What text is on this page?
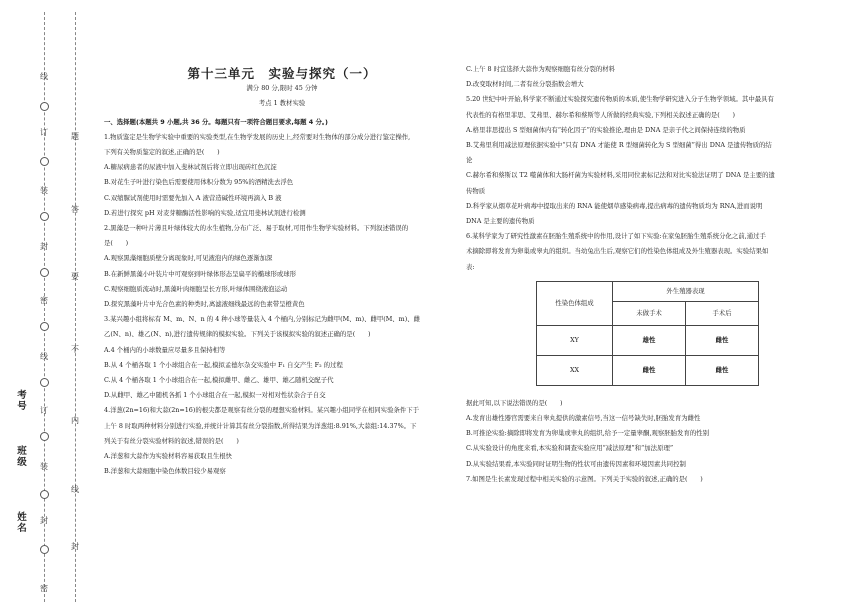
线
订
装
封
密
线
订
装
封
密
题
答
要
不
内
线
封
考号
班级
姓名
第十三单元　实验与探究（一）
满分 80 分,限时 45 分钟
考点 1 教材实验

一、选择题(本题共 9 小题,共 36 分。每题只有一项符合题目要求,每题 4 分。)

1.物质鉴定是生物学实验中重要的实验类型,在生物学发展的历史上,经常要对生物体的部分成分进行鉴定操作,

下列有关物质鉴定的叙述,正确的是(　　)

A.糖尿病患者的尿液中加入斐林试剂后将立即出现砖红色沉淀

B.对花生子叶进行染色后需要使用体积分数为 95%的酒精洗去浮色

C.双缩脲试剂使用时需要先加入 A 液营造碱性环境再滴入 B 液

D.若进行探究 pH 对麦芽糖酶活性影响的实验,适宜用斐林试剂进行检测

2.黑藻是一种叶片薄且叶绿体较大的水生植物,分布广泛、易于取材,可用作生物学实验材料。下列叙述错误的

是(　　)

A.观察黑藻细胞质壁分离现象时,可见液泡内的绿色逐渐加深

B.在新鲜黑藻小叶装片中可观察到叶绿体形态呈扁平的椭球形或球形

C.观察细胞质流动时,黑藻叶肉细胞呈长方形,叶绿体围绕液泡运动

D.探究黑藻叶片中光合色素的种类时,离滤液细线最远的色素带呈橙黄色

3.某兴趣小组将标有 M、m、N、n 的 4 种小球等量装入 4 个桶内,分别标记为雌甲(M、m)、雌甲(M、m)、雌

乙(N、n)、雄乙(N、n),进行遗传规律的模拟实验。下列关于该模拟实验的叙述正确的是(　　)

A.4 个桶内的小球数量应尽量多且保持相等

B.从 4 个桶各取 1 个小球组合在一起,模拟孟德尔杂交实验中 F₁ 自交产生 F₂ 的过程

C.从 4 个桶各取 1 个小球组合在一起,模拟雌甲、雌乙、雄甲、雄乙随机交配子代

D.从雌甲、雄乙中随机各抓 1 个小球组合在一起,模拟一对相对性状杂合子自交

4.洋葱(2n=16)和大蒜(2n=16)的根尖都是观察有丝分裂的理想实验材料。某兴趣小组同学在相同实验条件下于

上午 8 时取两种材料分别进行实验,并统计计算其有丝分裂指数,所得结果为洋葱组:8.91%,大蒜组:14.37%。下

列关于有丝分裂实验材料的叙述,错误的是(　　)

A.洋葱和大蒜作为实验材料容易获取且生根快

B.洋葱和大蒜细胞中染色体数目较少易观察

C.上午 8 时宜选择大蒜作为观察细胞有丝分裂的材料

D.改变取材时间,二者有丝分裂指数会增大

5.20 世纪中叶开始,科学家不断通过实验探究遗传物质的本质,使生物学研究进入分子生物学领域。其中最具有

代表性的有格里菲思、艾弗里、赫尔希和蔡斯等人所做的经典实验,下列相关叙述正确的是(　　)

A.格里菲思提出 S 型细菌体内有“转化因子”的实验推论,理由是 DNA 是亲子代之间保持连续的物质

B.艾弗里利用减法原理依据实验中“只有 DNA 才能使 R 型细菌转化为 S 型细菌”得出 DNA 是遗传物质的结

论

C.赫尔希和蔡斯以 T2 噬菌体和大肠杆菌为实验材料,采用同位素标记法和对比实验法证明了 DNA 是主要的遗

传物质

D.科学家从烟草花叶病毒中提取出来的 RNA 能使烟草感染病毒,提出病毒的遗传物质均为 RNA,进而说明

DNA 是主要的遗传物质

6.某科学家为了研究性激素在胚胎生殖系统中的作用,设计了如下实验:在家兔胚胎生殖系统分化之前,通过手

术摘除即将发育为卵巢或睾丸的组织。当幼兔出生后,观察它们的性染色体组成及外生殖器表现。实验结果如

表:

性染色体组成	外生殖器表现	
	未做手术	手术后
XY	雄性	雌性
XX	雌性	雌性

据此可知,以下说法错误的是(　　)

A.发育出雄性器官需要来自睾丸提供的激素信号,当这一信号缺失时,胚胎发育为雌性

B.可推论实验:摘除即将发育为卵巢或睾丸的组织,给予一定量睾酮,观察胚胎发育的性别

C.从实验设计的角度来看,本实验和调查实验应用“减法原理”和“加法原理”

D.从实验结果看,本实验同时证明生物的性状可由遗传因素和环境因素共同控制

7.如图是生长素发现过程中相关实验的示意图。下列关于实验的叙述,正确的是(　　)
